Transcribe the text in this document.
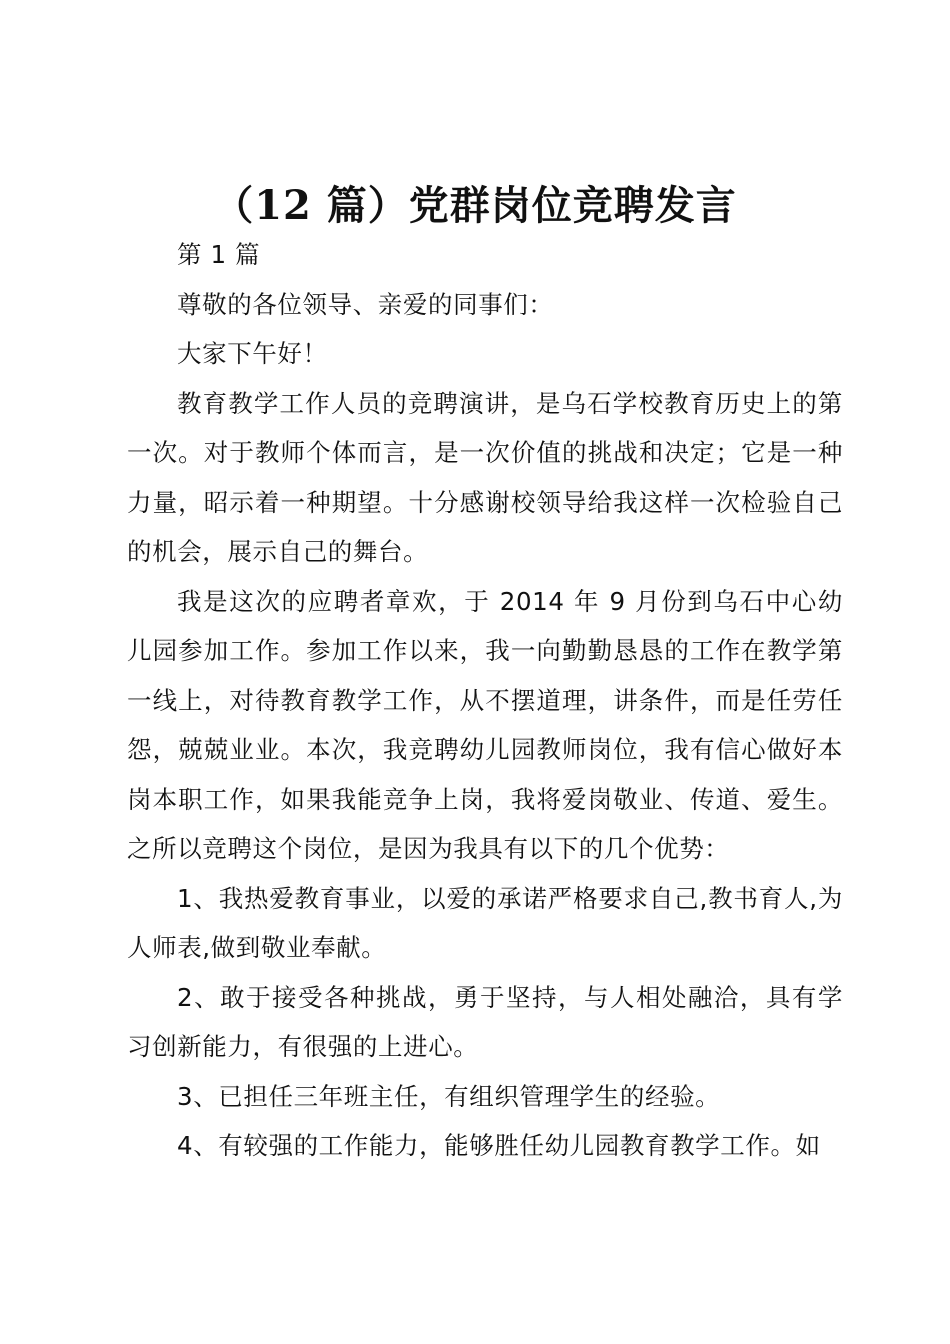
（12 篇）党群岗位竞聘发言

第 1 篇

尊敬的各位领导、亲爱的同事们：

大家下午好！

教育教学工作人员的竞聘演讲，是乌石学校教育历史上的第一次。对于教师个体而言，是一次价值的挑战和决定；它是一种力量，昭示着一种期望。十分感谢校领导给我这样一次检验自己的机会，展示自己的舞台。

我是这次的应聘者章欢，于 2014 年 9 月份到乌石中心幼儿园参加工作。参加工作以来，我一向勤勤恳恳的工作在教学第一线上，对待教育教学工作，从不摆道理，讲条件，而是任劳任怨，兢兢业业。本次，我竞聘幼儿园教师岗位，我有信心做好本岗本职工作，如果我能竞争上岗，我将爱岗敬业、传道、爱生。之所以竞聘这个岗位，是因为我具有以下的几个优势：

1、我热爱教育事业，以爱的承诺严格要求自己,教书育人,为人师表,做到敬业奉献。

2、敢于接受各种挑战，勇于坚持，与人相处融洽，具有学习创新能力，有很强的上进心。

3、已担任三年班主任，有组织管理学生的经验。

4、有较强的工作能力，能够胜任幼儿园教育教学工作。如
